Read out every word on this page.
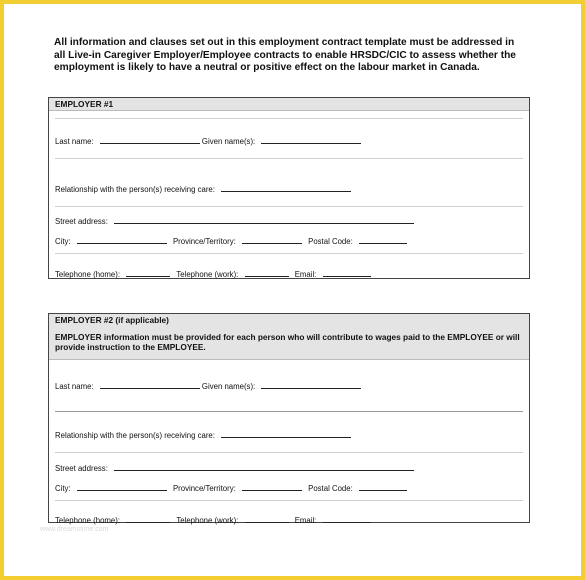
All information and clauses set out in this employment contract template must be addressed in all Live-in Caregiver Employer/Employee contracts to enable HRSDC/CIC to assess whether the employment is likely to have a neutral or positive effect on the labour market in Canada.
EMPLOYER #1
Last name:	Given name(s):
Relationship with the person(s) receiving care:
Street address:
City:	Province/Territory:	Postal Code:
Telephone (home):	Telephone (work):	Email:
EMPLOYER #2 (if applicable)
EMPLOYER information must be provided for each person who will contribute to wages paid to the EMPLOYEE or will provide instruction to the EMPLOYEE.
Last name:	Given name(s):
Relationship with the person(s) receiving care:
Street address:
City:	Province/Territory:	Postal Code:
Telephone (home):	Telephone (work):	Email:
www.dreamstime.com
